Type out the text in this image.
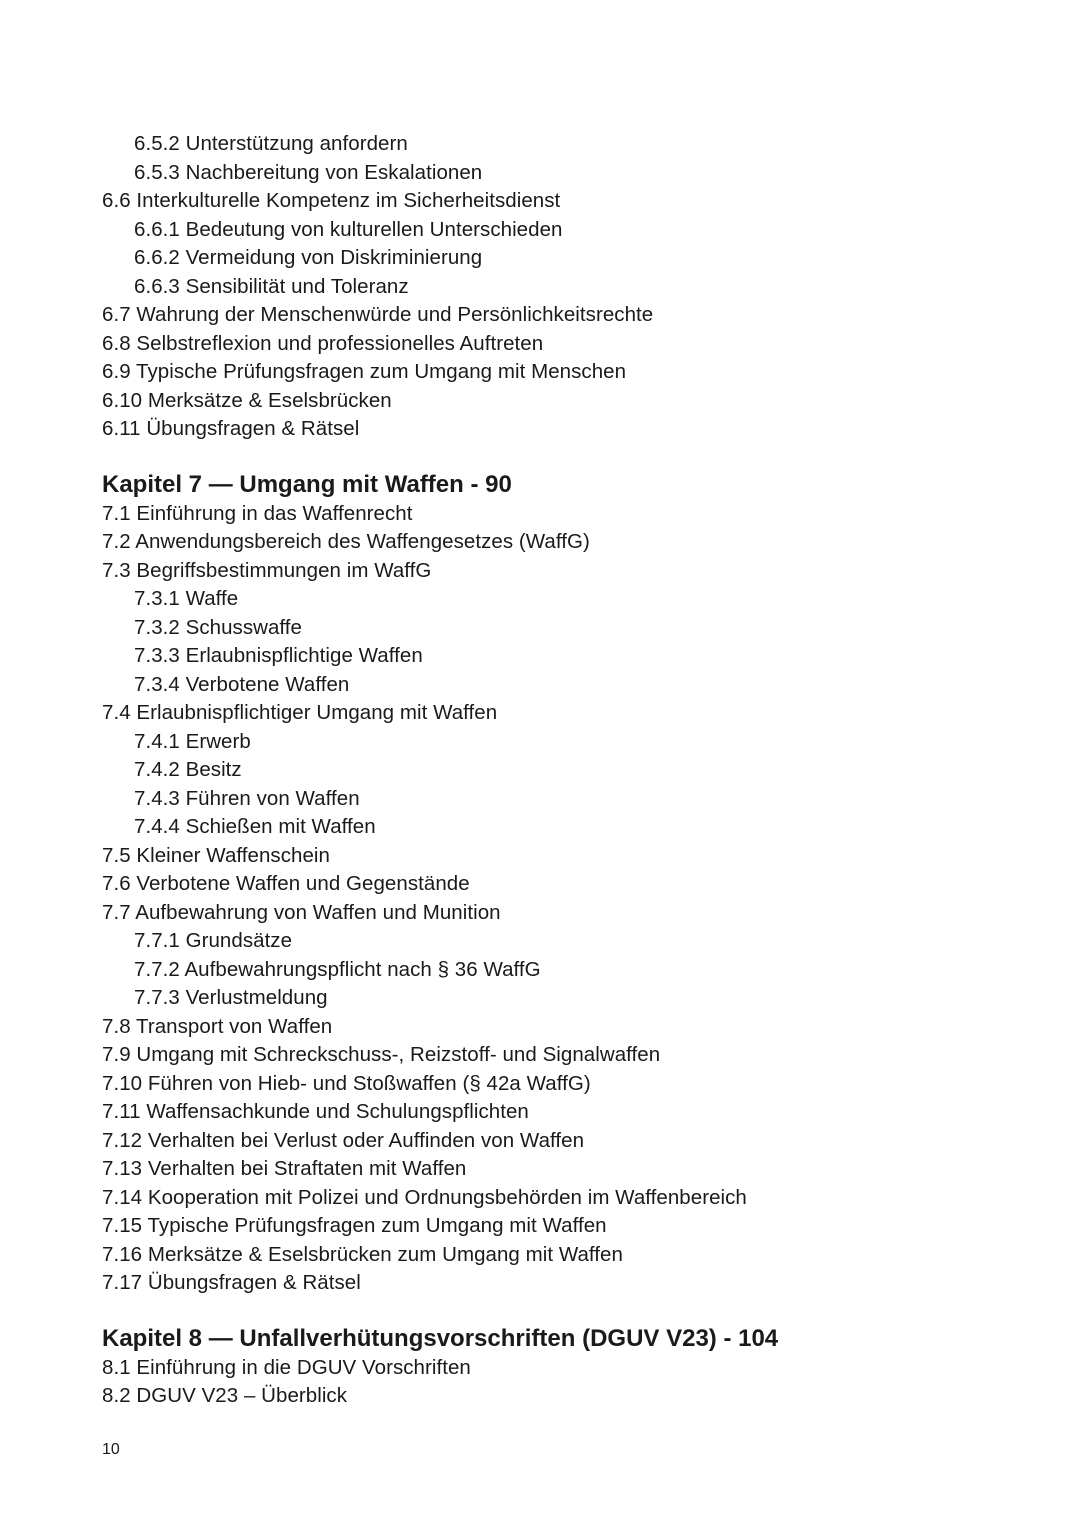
6.5.2 Unterstützung anfordern
6.5.3 Nachbereitung von Eskalationen
6.6 Interkulturelle Kompetenz im Sicherheitsdienst
6.6.1 Bedeutung von kulturellen Unterschieden
6.6.2 Vermeidung von Diskriminierung
6.6.3 Sensibilität und Toleranz
6.7 Wahrung der Menschenwürde und Persönlichkeitsrechte
6.8 Selbstreflexion und professionelles Auftreten
6.9 Typische Prüfungsfragen zum Umgang mit Menschen
6.10 Merksätze & Eselsbrücken
6.11 Übungsfragen & Rätsel
Kapitel 7 — Umgang mit Waffen - 90
7.1 Einführung in das Waffenrecht
7.2 Anwendungsbereich des Waffengesetzes (WaffG)
7.3 Begriffsbestimmungen im WaffG
7.3.1 Waffe
7.3.2 Schusswaffe
7.3.3 Erlaubnispflichtige Waffen
7.3.4 Verbotene Waffen
7.4 Erlaubnispflichtiger Umgang mit Waffen
7.4.1 Erwerb
7.4.2 Besitz
7.4.3 Führen von Waffen
7.4.4 Schießen mit Waffen
7.5 Kleiner Waffenschein
7.6 Verbotene Waffen und Gegenstände
7.7 Aufbewahrung von Waffen und Munition
7.7.1 Grundsätze
7.7.2 Aufbewahrungspflicht nach § 36 WaffG
7.7.3 Verlustmeldung
7.8 Transport von Waffen
7.9 Umgang mit Schreckschuss-, Reizstoff- und Signalwaffen
7.10 Führen von Hieb- und Stoßwaffen (§ 42a WaffG)
7.11 Waffensachkunde und Schulungspflichten
7.12 Verhalten bei Verlust oder Auffinden von Waffen
7.13 Verhalten bei Straftaten mit Waffen
7.14 Kooperation mit Polizei und Ordnungsbehörden im Waffenbereich
7.15 Typische Prüfungsfragen zum Umgang mit Waffen
7.16 Merksätze & Eselsbrücken zum Umgang mit Waffen
7.17 Übungsfragen & Rätsel
Kapitel 8 — Unfallverhütungsvorschriften (DGUV V23) - 104
8.1 Einführung in die DGUV Vorschriften
8.2 DGUV V23 – Überblick
10
